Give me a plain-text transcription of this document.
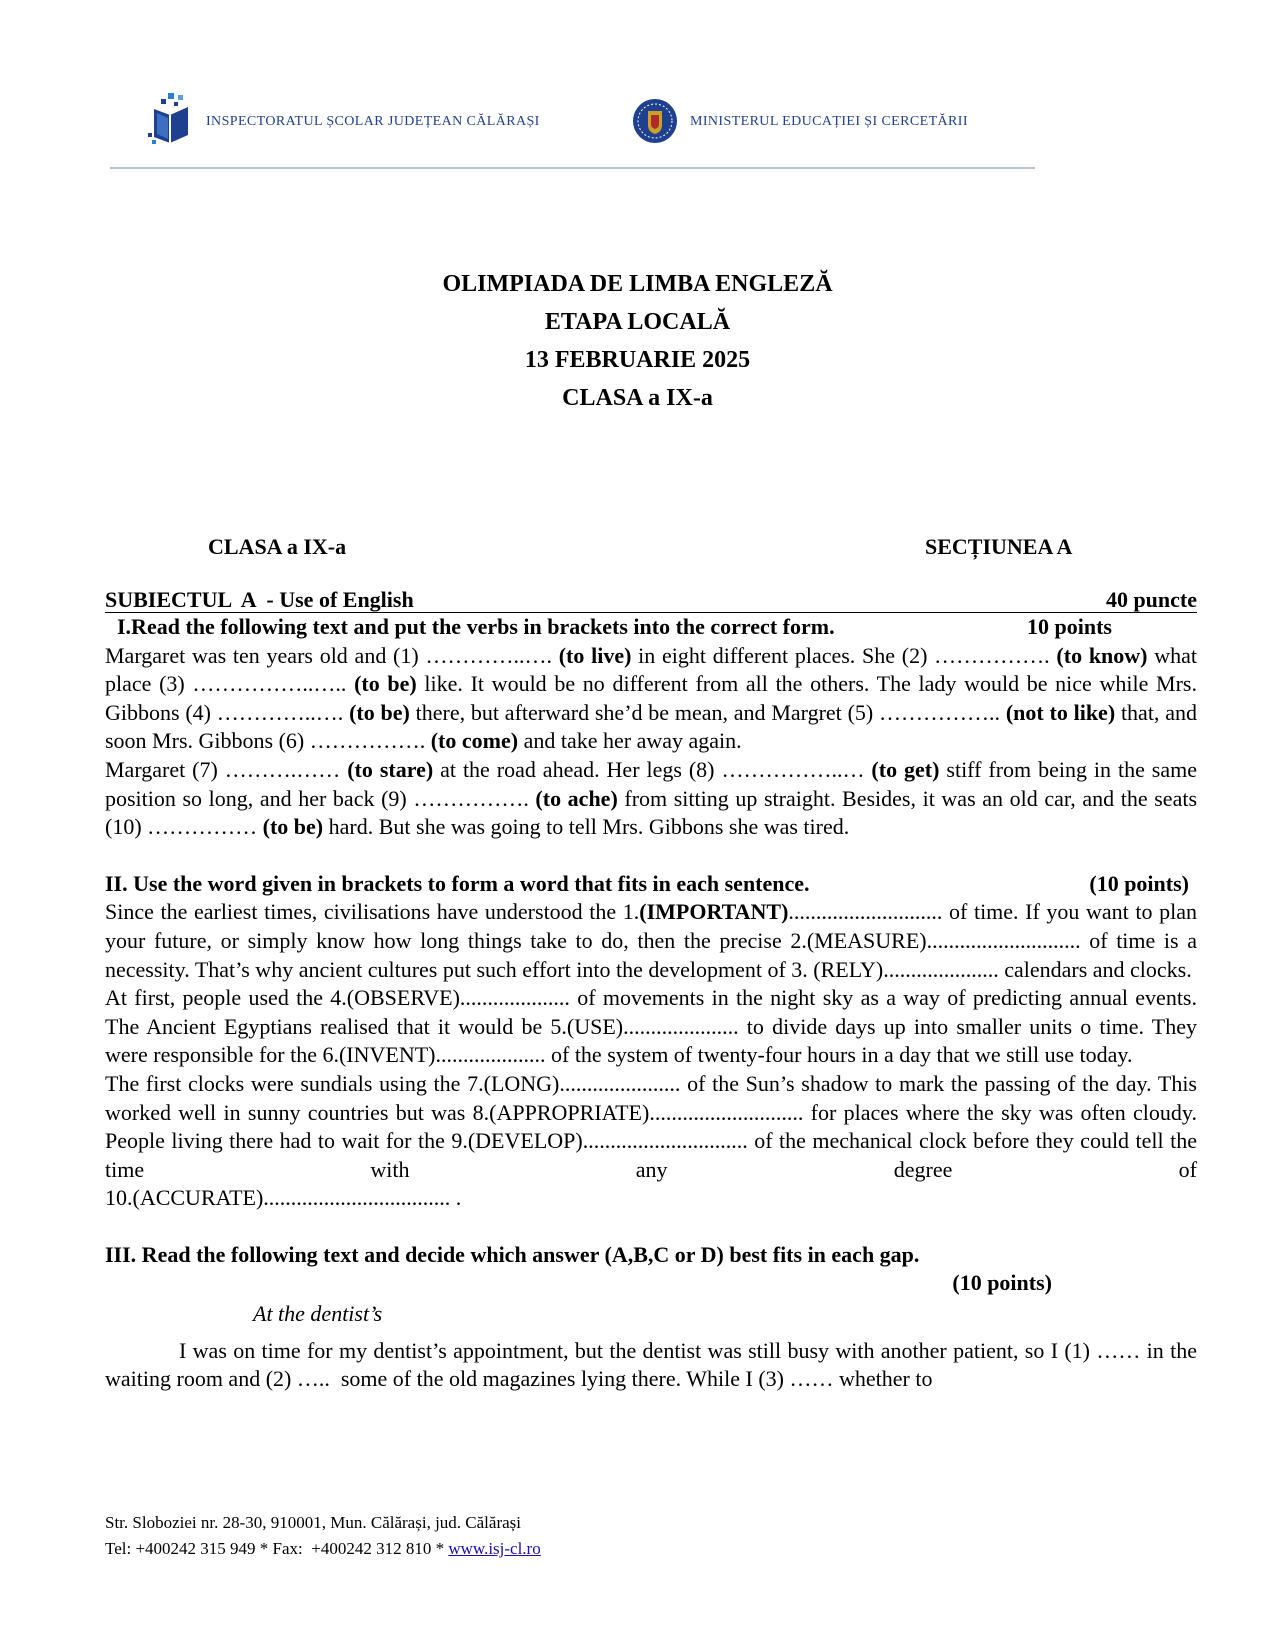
INSPECTORATUL ȘCOLAR JUDEȚEAN CĂLĂRAȘI	MINISTERUL EDUCAȚIEI ȘI CERCETĂRII
OLIMPIADA DE LIMBA ENGLEZĂ
ETAPA LOCALĂ
13 FEBRUARIE 2025
CLASA a IX-a
CLASA a IX-a	SECȚIUNEA A
SUBIECTUL  A  - Use of English	40 puncte
I.Read the following text and put the verbs in brackets into the correct form.	10 points

Margaret was ten years old and (1) …………..…. (to live) in eight different places. She (2) ……………. (to know) what place (3) ……………..….. (to be) like. It would be no different from all the others. The lady would be nice while Mrs. Gibbons (4) …………..…. (to be) there, but afterward she’d be mean, and Margret (5) …………….. (not to like) that, and soon Mrs. Gibbons (6) ……………. (to come) and take her away again.

Margaret (7) ……….…… (to stare) at the road ahead. Her legs (8) ……………..… (to get) stiff from being in the same position so long, and her back (9) ……………. (to ache) from sitting up straight. Besides, it was an old car, and the seats (10) …………… (to be) hard. But she was going to tell Mrs. Gibbons she was tired.

II. Use the word given in brackets to form a word that fits in each sentence.	(10 points)

Since the earliest times, civilisations have understood the 1.(IMPORTANT)............................ of time. If you want to plan your future, or simply know how long things take to do, then the precise 2.(MEASURE)............................ of time is a necessity. That’s why ancient cultures put such effort into the development of 3. (RELY)..................... calendars and clocks.

At first, people used the 4.(OBSERVE).................... of movements in the night sky as a way of predicting annual events. The Ancient Egyptians realised that it would be 5.(USE)..................... to divide days up into smaller units o time. They were responsible for the 6.(INVENT).................... of the system of twenty-four hours in a day that we still use today.

The first clocks were sundials using the 7.(LONG)...................... of the Sun’s shadow to mark the passing of the day. This worked well in sunny countries but was 8.(APPROPRIATE)............................ for places where the sky was often cloudy. People living there had to wait for the 9.(DEVELOP).............................. of the mechanical clock before they could tell the time with any degree of

10.(ACCURATE).................................. .

III. Read the following text and decide which answer (A,B,C or D) best fits in each gap.
(10 points)
At the dentist’s

I was on time for my dentist’s appointment, but the dentist was still busy with another patient, so I (1) …… in the waiting room and (2) …..  some of the old magazines lying there. While I (3) …… whether to

Str. Sloboziei nr. 28-30, 910001, Mun. Călărași, jud. Călărași
Tel: +400242 315 949 * Fax:  +400242 312 810 * www.isj-cl.ro
